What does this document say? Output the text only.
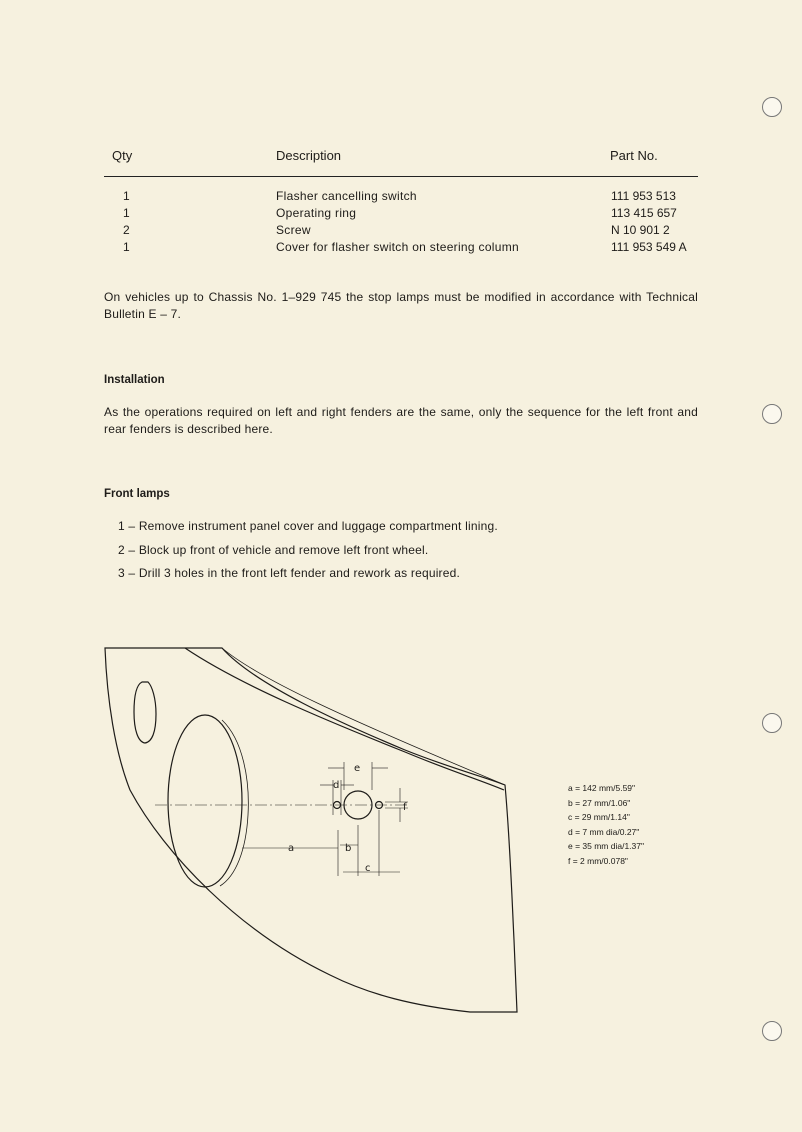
Qty	Description	Part No.
1	Flasher cancelling switch	111 953 513
1	Operating ring	113 415 657
2	Screw	N 10 901 2
1	Cover for flasher switch on steering column	111 953 549 A

On vehicles up to Chassis No. 1–929 745 the stop lamps must be modified in accordance with Technical Bulletin E – 7.

Installation

As the operations required on left and right fenders are the same, only the sequence for the left front and rear fenders is described here.

Front lamps
1 – Remove instrument panel cover and luggage compartment lining.
2 – Block up front of vehicle and remove left front wheel.
3 – Drill 3 holes in the front left fender and rework as required.
a	b
c
d
e
f
a = 142 mm/5.59"
b = 27 mm/1.06"
c = 29 mm/1.14"
d = 7 mm dia/0.27"
e = 35 mm dia/1.37"
f = 2 mm/0.078"
